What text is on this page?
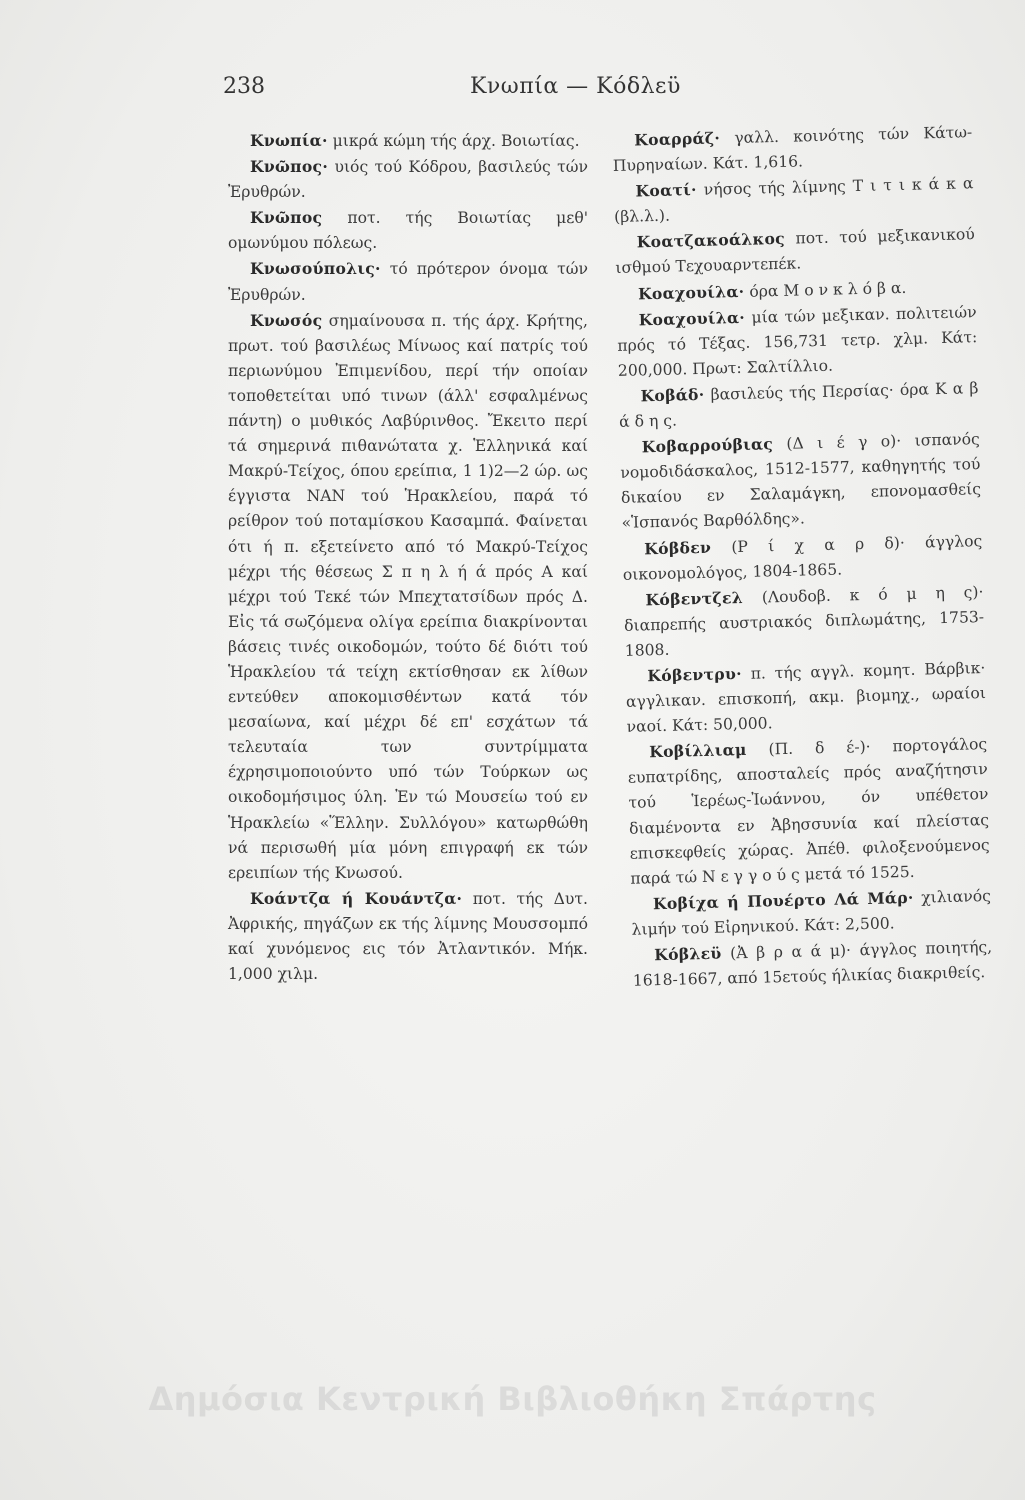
238	Κνωπία — Κόδλεϋ

Κνωπία· μικρά κώμη τής άρχ. Βοιωτίας.

Κνῶπος· υιός τού Κόδρου, βασιλεύς τών Ἐρυθρών.

Κνῶπος ποτ. τής Βοιωτίας μεθ' ομωνύμου πόλεως.

Κνωσούπολις· τό πρότερον όνομα τών Ἐρυθρών.

Κνωσός σημαίνουσα π. τής άρχ. Κρήτης, πρωτ. τού βασιλέως Μίνωος καί πατρίς τού περιωνύμου Ἐπιμενίδου, περί τήν οποίαν τοποθετείται υπό τινων (άλλ' εσφαλμένως πάντη) ο μυθικός Λαβύρινθος. Ἔκειτο περί τά σημερινά πιθανώτατα χ. Ἑλληνικά καί Μακρύ-Τείχος, όπου ερείπια, 1 1)2—2 ώρ. ως έγγιστα ΝΑΝ τού Ἡρακλείου, παρά τό ρείθρον τού ποταμίσκου Κασαμπά. Φαίνεται ότι ή π. εξετείνετο από τό Μακρύ-Τείχος μέχρι τής θέσεως Σ π η λ ή ά πρός Α καί μέχρι τού Τεκέ τών Μπεχτατσίδων πρός Δ. Εἰς τά σωζόμενα ολίγα ερείπια διακρίνονται βάσεις τινές οικοδομών, τούτο δέ διότι τού Ἡρακλείου τά τείχη εκτίσθησαν εκ λίθων εντεύθεν αποκομισθέντων κατά τόν μεσαίωνα, καί μέχρι δέ επ' εσχάτων τά τελευταία των συντρίμματα έχρησιμοποιούντο υπό τών Τούρκων ως οικοδομήσιμος ύλη. Ἐν τώ Μουσείω τού εν Ἡρακλείω «Ἕλλην. Συλλόγου» κατωρθώθη νά περισωθή μία μόνη επιγραφή εκ τών ερειπίων τής Κνωσού.

Κοάντζα ή Κουάντζα· ποτ. τής Δυτ. Ἀφρικής, πηγάζων εκ τής λίμνης Μουσσομπό καί χυνόμενος εις τόν Ἀτλαντικόν. Μήκ. 1,000 χιλμ.

Κοαρράζ· γαλλ. κοινότης τών Κάτω-Πυρηναίων. Κάτ. 1,616.

Κοατί· νήσος τής λίμνης Τ ι τ ι κ ά κ α (βλ.λ.).

Κοατζακοάλκος ποτ. τού μεξικανικού ισθμού Τεχουαρντεπέκ.

Κοαχουίλα· όρα Μ ο ν κ λ ό β α.

Κοαχουίλα· μία τών μεξικαν. πολιτειών πρός τό Τέξας. 156,731 τετρ. χλμ. Κάτ: 200,000. Πρωτ: Σαλτίλλιο.

Κοβάδ· βασιλεύς τής Περσίας· όρα Κ α β ά δ η ς.

Κοβαρρούβιας (Δ ι έ γ ο)· ισπανός νομοδιδάσκαλος, 1512-1577, καθηγητής τού δικαίου εν Σαλαμάγκη, επονομασθείς «Ἱσπανός Βαρθόλδης».

Κόβδεν (Ρ ί χ α ρ δ)· άγγλος οικονομολόγος, 1804-1865.

Κόβεντζελ (Λουδοβ. κ ό μ η ς)· διαπρεπής αυστριακός διπλωμάτης, 1753-1808.

Κόβεντρυ· π. τής αγγλ. κομητ. Βάρβικ· αγγλικαν. επισκοπή, ακμ. βιομηχ., ωραίοι ναοί. Κάτ: 50,000.

Κοβίλλιαμ (Π. δ έ-)· πορτογάλος ευπατρίδης, αποσταλείς πρός αναζήτησιν τού Ἱερέως-Ἰωάννου, όν υπέθετον διαμένοντα εν Ἀβησσυνία καί πλείστας επισκεφθείς χώρας. Ἀπέθ. φιλοξενούμενος παρά τώ Ν ε γ γ ο ύ ς μετά τό 1525.

Κοβίχα ή Πουέρτο Λά Μάρ· χιλιανός λιμήν τού Εἰρηνικού. Κάτ: 2,500.

Κόβλεϋ (Ἀ β ρ α ά μ)· άγγλος ποιητής, 1618-1667, από 15ετούς ήλικίας διακριθείς.

Δημόσια Κεντρική Βιβλιοθήκη Σπάρτης
